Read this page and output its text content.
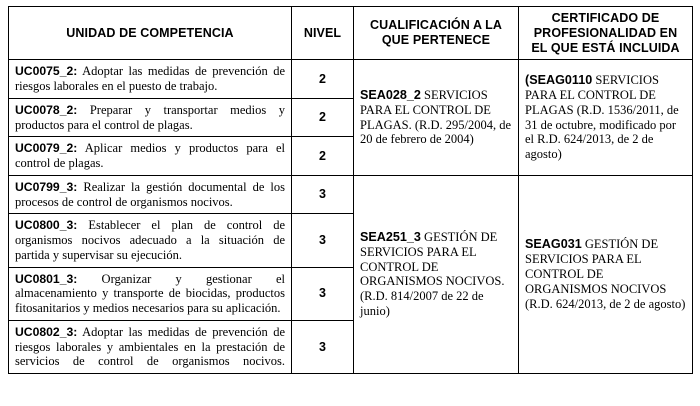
UNIDAD DE COMPETENCIA	NIVEL	CUALIFICACIÓN A LA QUE PERTENECE	CERTIFICADO DE PROFESIONALIDAD EN EL QUE ESTÁ INCLUIDA
UC0075_2: Adoptar las medidas de prevención de riesgos laborales en el puesto de trabajo.	2	SEA028_2 SERVICIOS PARA EL CONTROL DE PLAGAS. (R.D. 295/2004, de 20 de febrero de 2004)	(SEAG0110 SERVICIOS PARA EL CONTROL DE PLAGAS (R.D. 1536/2011, de 31 de octubre, modificado por el R.D. 624/2013, de 2 de agosto)
UC0078_2: Preparar y transportar medios y productos para el control de plagas.	2		
UC0079_2: Aplicar medios y productos para el control de plagas.	2		
UC0799_3: Realizar la gestión documental de los procesos de control de organismos nocivos.	3	SEA251_3 GESTIÓN DE SERVICIOS PARA EL CONTROL DE ORGANISMOS NOCIVOS. (R.D. 814/2007 de 22 de junio)	SEAG031 GESTIÓN DE SERVICIOS PARA EL CONTROL DE ORGANISMOS NOCIVOS (R.D. 624/2013, de 2 de agosto)
UC0800_3: Establecer el plan de control de organismos nocivos adecuado a la situación de partida y supervisar su ejecución.	3		
UC0801_3: Organizar y gestionar el almacenamiento y transporte de biocidas, productos fitosanitarios y medios necesarios para su aplicación.	3		
UC0802_3: Adoptar las medidas de prevención de riesgos laborales y ambientales en la prestación de servicios de control de organismos nocivos.	3		
